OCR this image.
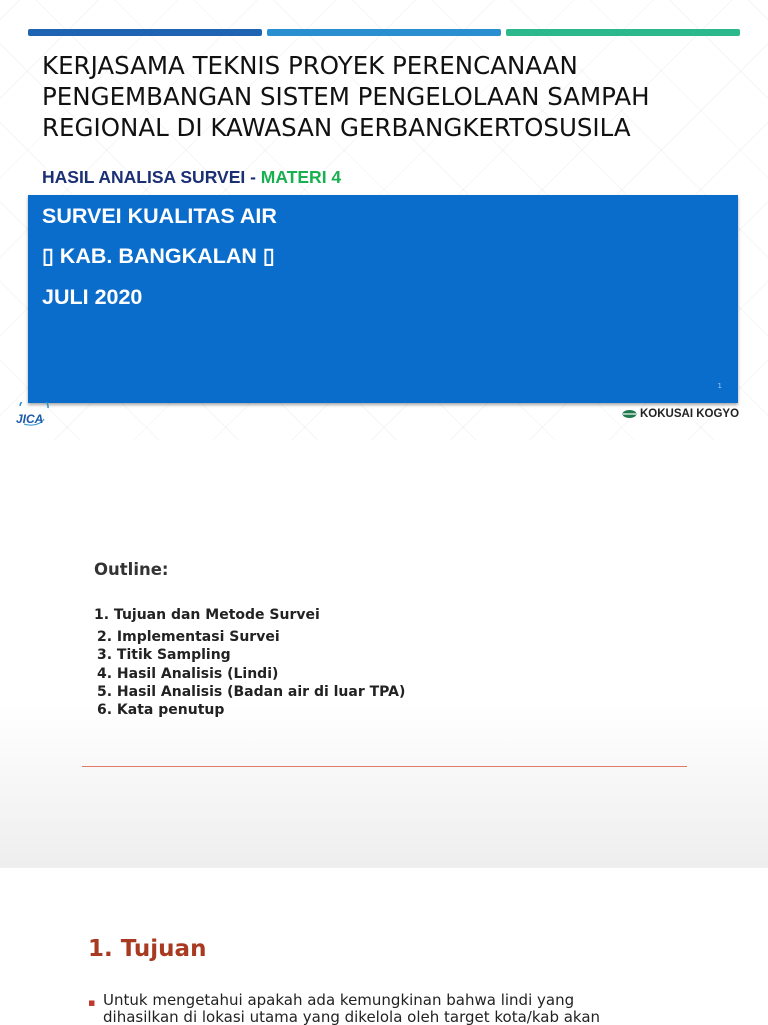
KERJASAMA TEKNIS PROYEK PERENCANAAN
PENGEMBANGAN SISTEM PENGELOLAAN SAMPAH
REGIONAL DI KAWASAN GERBANGKERTOSUSILA
HASIL ANALISA SURVEI - MATERI 4
SURVEI KUALITAS AIR
▯ KAB. BANGKALAN ▯
JULI 2020
1
JICA	KOKUSAI KOGYO
Outline:
1. Tujuan dan Metode Survei
2. Implementasi Survei
3. Titik Sampling
4. Hasil Analisis (Lindi)
5. Hasil Analisis (Badan air di luar TPA)
6. Kata penutup
1. Tujuan
▪ Untuk mengetahui apakah ada kemungkinan bahwa lindi yang
dihasilkan di lokasi utama yang dikelola oleh target kota/kab akan
